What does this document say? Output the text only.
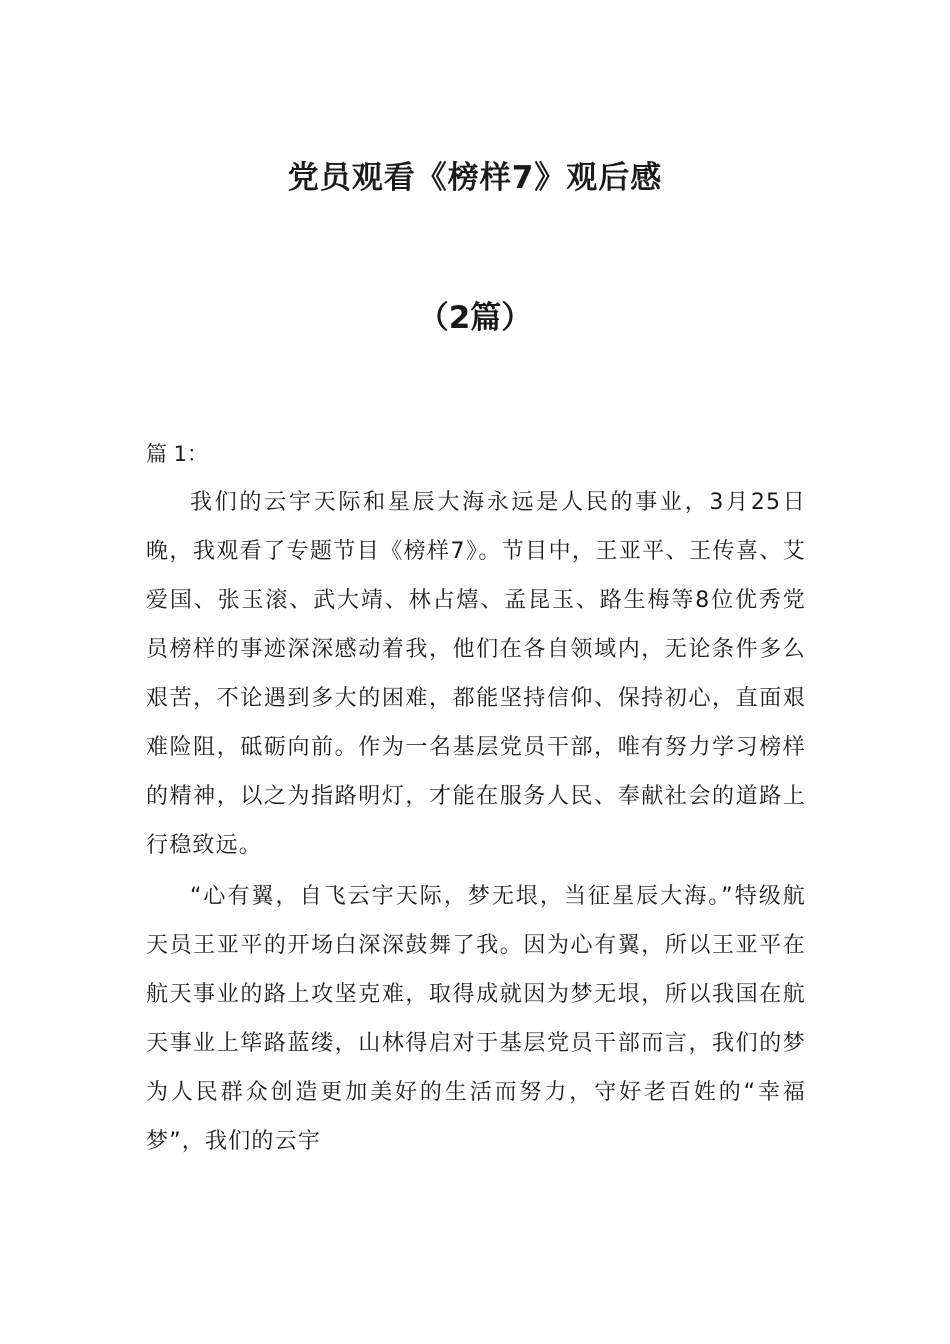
党员观看《榜样7》观后感
（2篇）
篇 1：

我们的云宇天际和星辰大海永远是人民的事业，3月25日晚，我观看了专题节目《榜样7》。节目中，王亚平、王传喜、艾爱国、张玉滚、武大靖、林占熺、孟昆玉、路生梅等8位优秀党员榜样的事迹深深感动着我，他们在各自领域内，无论条件多么艰苦，不论遇到多大的困难，都能坚持信仰、保持初心，直面艰难险阻，砥砺向前。作为一名基层党员干部，唯有努力学习榜样的精神，以之为指路明灯，才能在服务人民、奉献社会的道路上行稳致远。

“心有翼，自飞云宇天际，梦无垠，当征星辰大海。”特级航天员王亚平的开场白深深鼓舞了我。因为心有翼，所以王亚平在航天事业的路上攻坚克难，取得成就因为梦无垠，所以我国在航天事业上筚路蓝缕，山林得启对于基层党员干部而言，我们的梦为人民群众创造更加美好的生活而努力，守好老百姓的“幸福梦”，我们的云宇
